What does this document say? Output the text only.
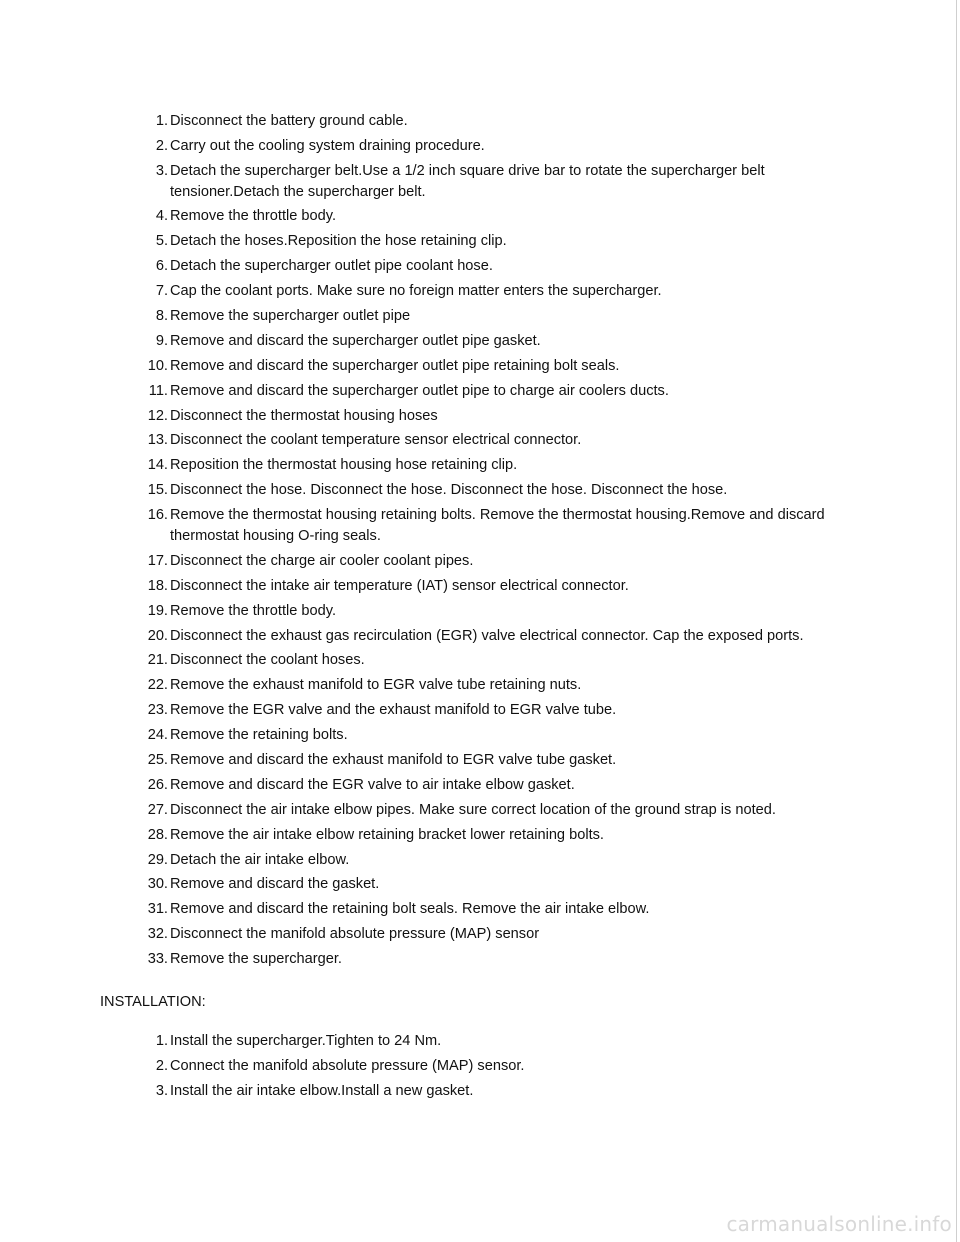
1. Disconnect the battery ground cable.
2. Carry out the cooling system draining procedure.
3. Detach the supercharger belt.Use a 1/2 inch square drive bar to rotate the supercharger belt tensioner.Detach the supercharger belt.
4. Remove the throttle body.
5. Detach the hoses.Reposition the hose retaining clip.
6. Detach the supercharger outlet pipe coolant hose.
7. Cap the coolant ports. Make sure no foreign matter enters the supercharger.
8. Remove the supercharger outlet pipe
9. Remove and discard the supercharger outlet pipe gasket.
10. Remove and discard the supercharger outlet pipe retaining bolt seals.
11. Remove and discard the supercharger outlet pipe to charge air coolers ducts.
12. Disconnect the thermostat housing hoses
13. Disconnect the coolant temperature sensor electrical connector.
14. Reposition the thermostat housing hose retaining clip.
15. Disconnect the hose. Disconnect the hose. Disconnect the hose. Disconnect the hose.
16. Remove the thermostat housing retaining bolts. Remove the thermostat housing.Remove and discard thermostat housing O-ring seals.
17. Disconnect the charge air cooler coolant pipes.
18. Disconnect the intake air temperature (IAT) sensor electrical connector.
19. Remove the throttle body.
20. Disconnect the exhaust gas recirculation (EGR) valve electrical connector. Cap the exposed ports.
21. Disconnect the coolant hoses.
22. Remove the exhaust manifold to EGR valve tube retaining nuts.
23. Remove the EGR valve and the exhaust manifold to EGR valve tube.
24. Remove the retaining bolts.
25. Remove and discard the exhaust manifold to EGR valve tube gasket.
26. Remove and discard the EGR valve to air intake elbow gasket.
27. Disconnect the air intake elbow pipes. Make sure correct location of the ground strap is noted.
28. Remove the air intake elbow retaining bracket lower retaining bolts.
29. Detach the air intake elbow.
30. Remove and discard the gasket.
31. Remove and discard the retaining bolt seals. Remove the air intake elbow.
32. Disconnect the manifold absolute pressure (MAP) sensor
33. Remove the supercharger.
INSTALLATION:
1. Install the supercharger.Tighten to 24 Nm.
2. Connect the manifold absolute pressure (MAP) sensor.
3. Install the air intake elbow.Install a new gasket.
carmanualsonline.info
